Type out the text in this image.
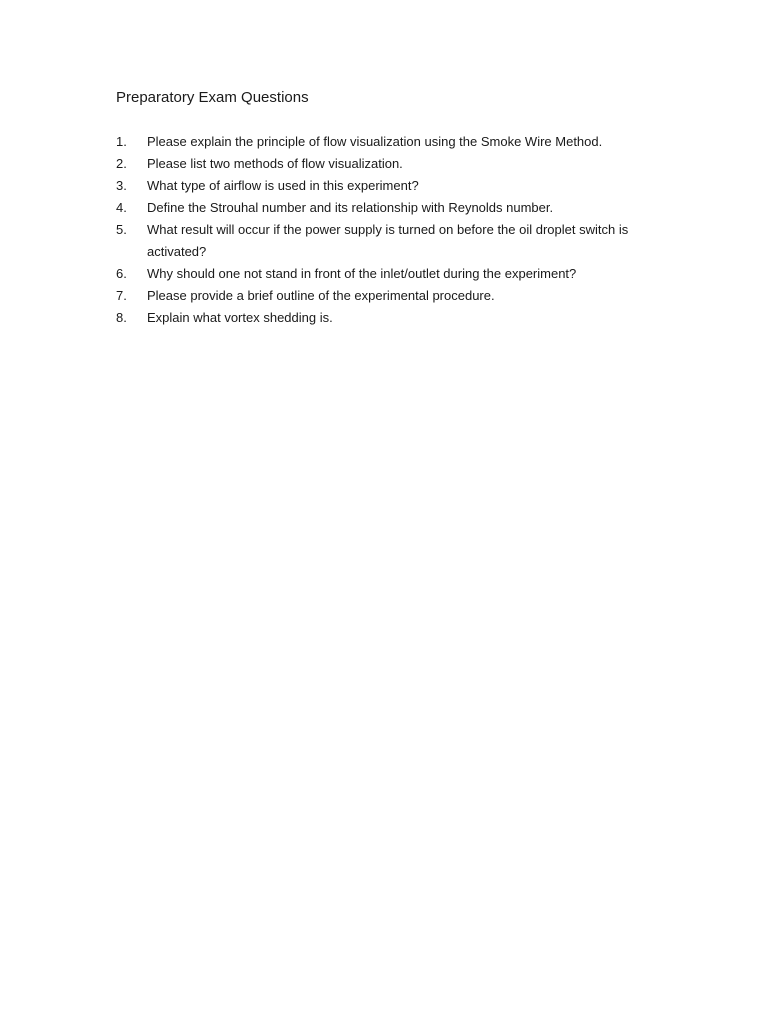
Preparatory Exam Questions
1.	Please explain the principle of flow visualization using the Smoke Wire Method.
2.	Please list two methods of flow visualization.
3.	What type of airflow is used in this experiment?
4.	Define the Strouhal number and its relationship with Reynolds number.
5.	What result will occur if the power supply is turned on before the oil droplet switch is activated?
6.	Why should one not stand in front of the inlet/outlet during the experiment?
7.	Please provide a brief outline of the experimental procedure.
8.	Explain what vortex shedding is.
